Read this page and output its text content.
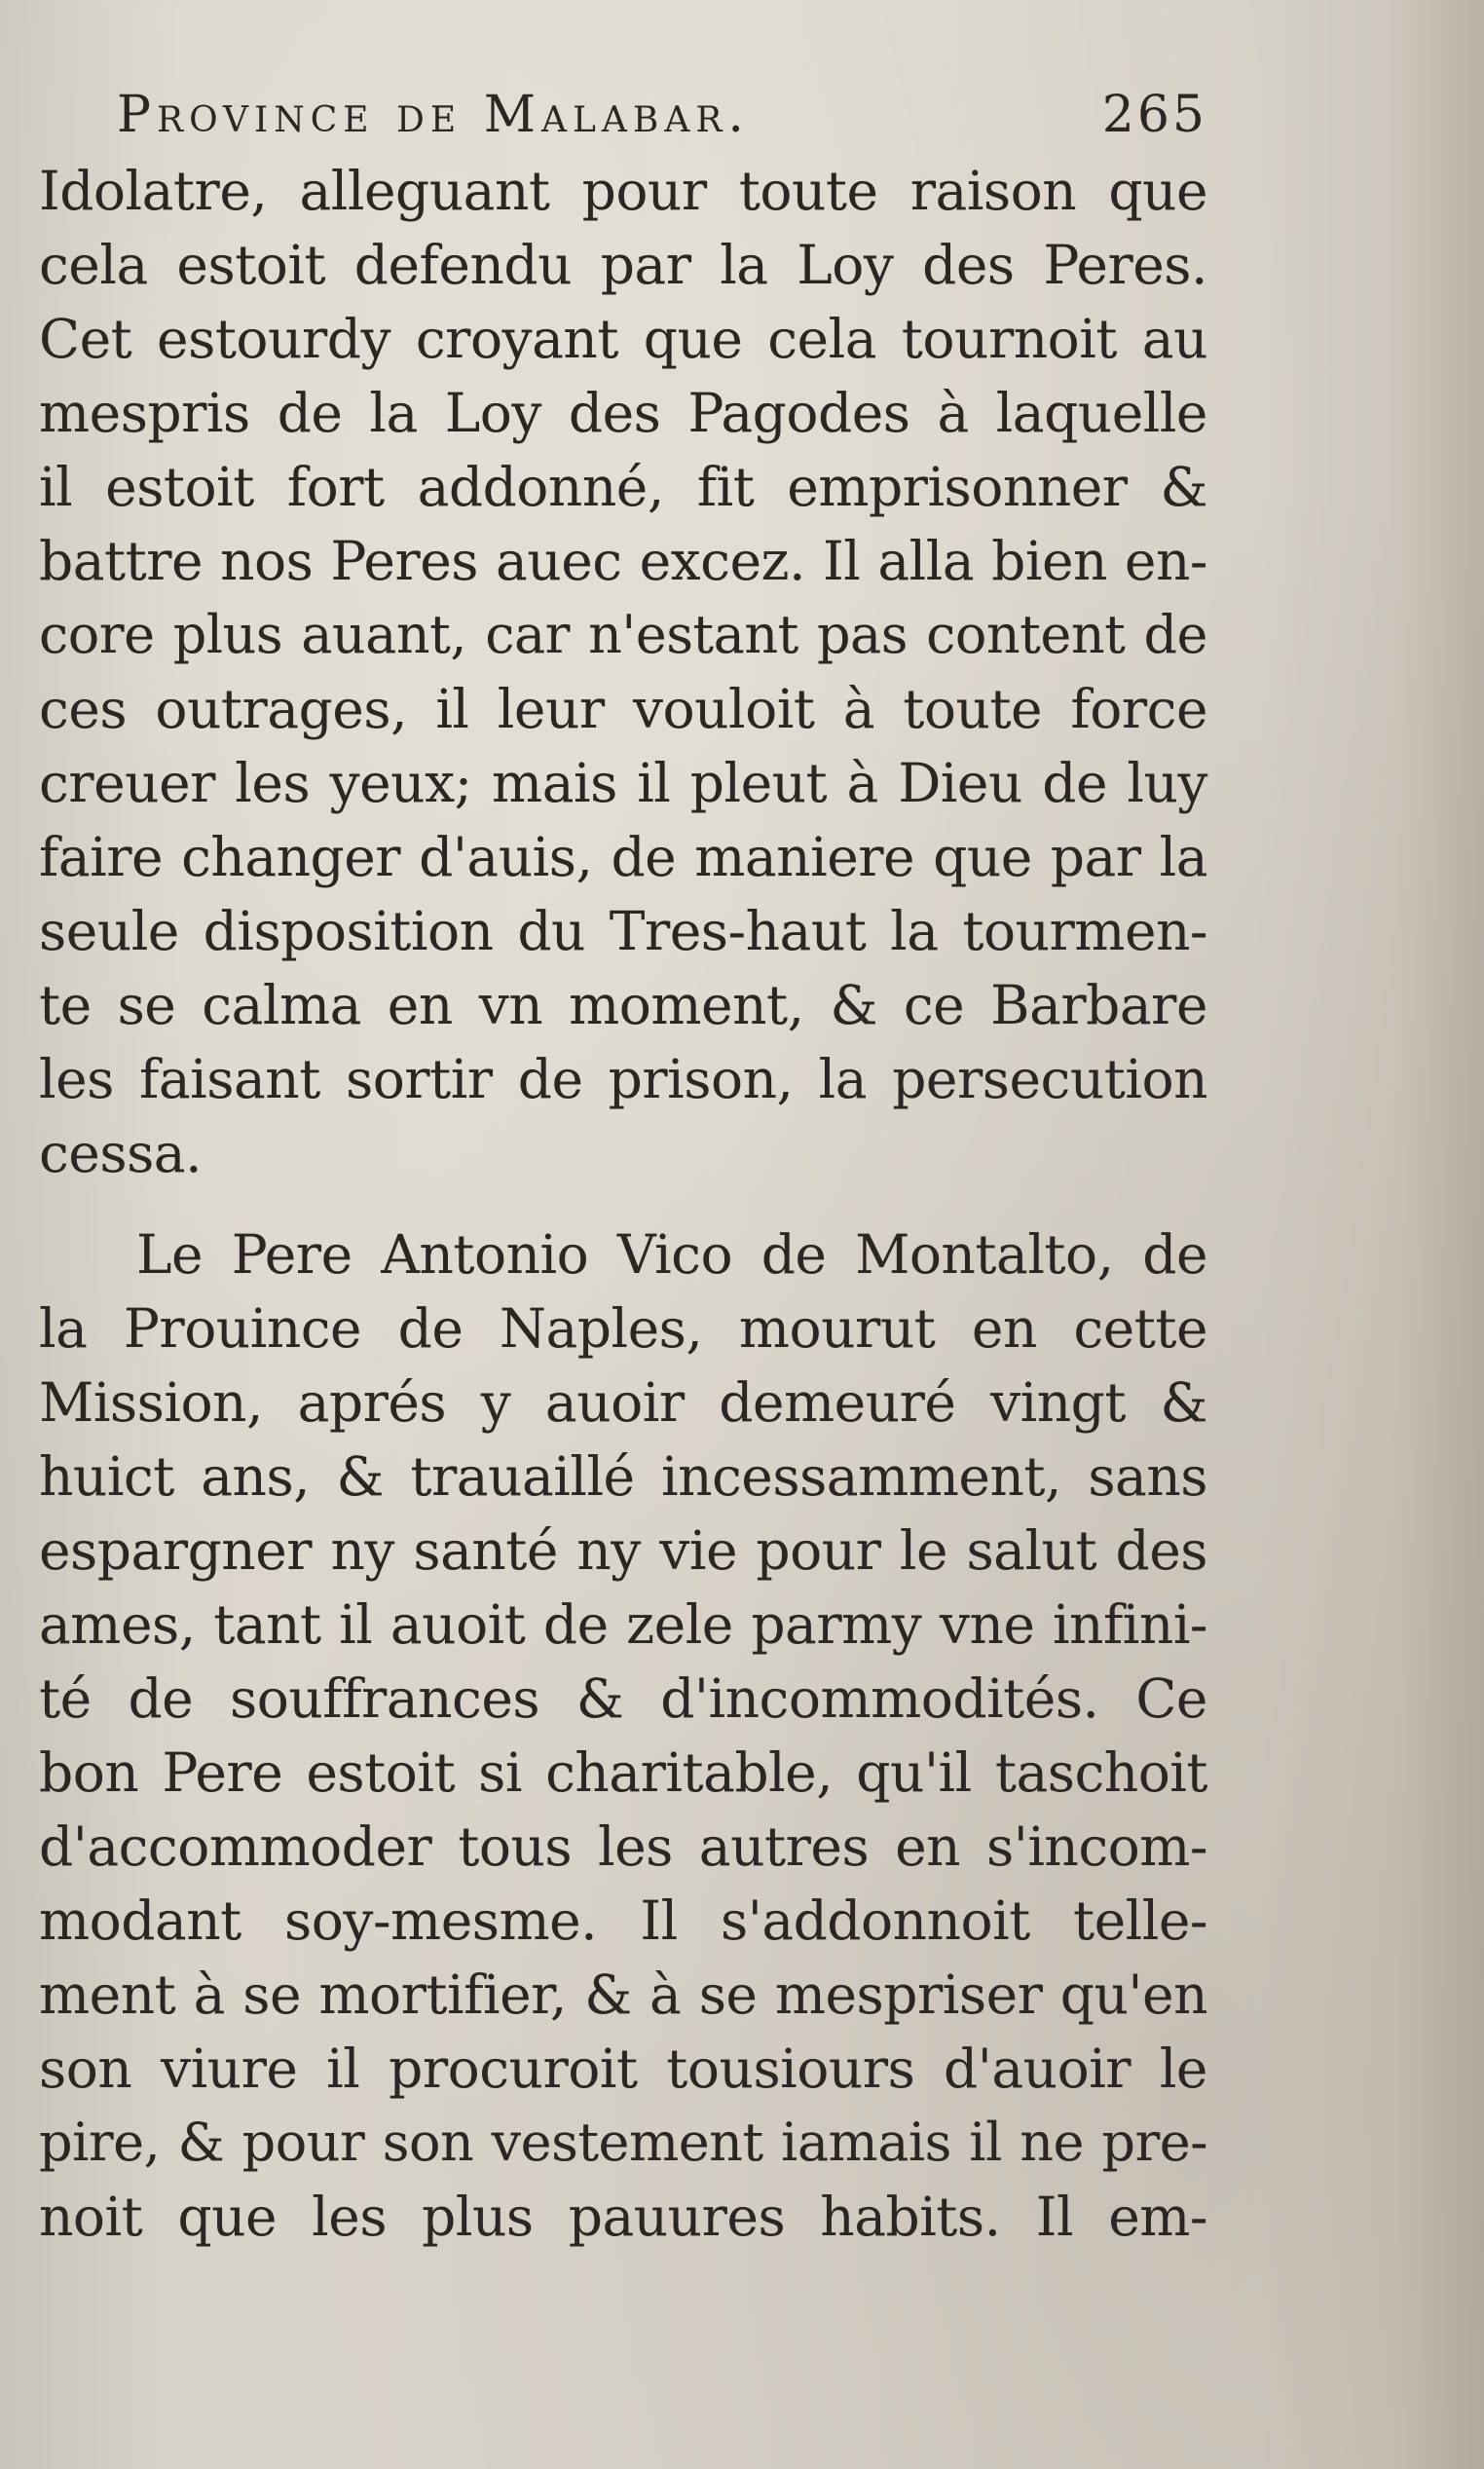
Province de Malabar.	265
Idolatre, alleguant pour toute raison que
cela estoit defendu par la Loy des Peres.
Cet estourdy croyant que cela tournoit au
mespris de la Loy des Pagodes à laquelle
il estoit fort addonné, fit emprisonner &
battre nos Peres auec excez. Il alla bien en-
core plus auant, car n'estant pas content de
ces outrages, il leur vouloit à toute force
creuer les yeux; mais il pleut à Dieu de luy
faire changer d'auis, de maniere que par la
seule disposition du Tres-haut la tourmen-
te se calma en vn moment, & ce Barbare
les faisant sortir de prison, la persecution
cessa.
Le Pere Antonio Vico de Montalto, de
la Prouince de Naples, mourut en cette
Mission, aprés y auoir demeuré vingt &
huict ans, & trauaillé incessamment, sans
espargner ny santé ny vie pour le salut des
ames, tant il auoit de zele parmy vne infini-
té de souffrances & d'incommodités. Ce
bon Pere estoit si charitable, qu'il taschoit
d'accommoder tous les autres en s'incom-
modant soy-mesme. Il s'addonnoit telle-
ment à se mortifier, & à se mespriser qu'en
son viure il procuroit tousiours d'auoir le
pire, & pour son vestement iamais il ne pre-
noit que les plus pauures habits. Il em-
